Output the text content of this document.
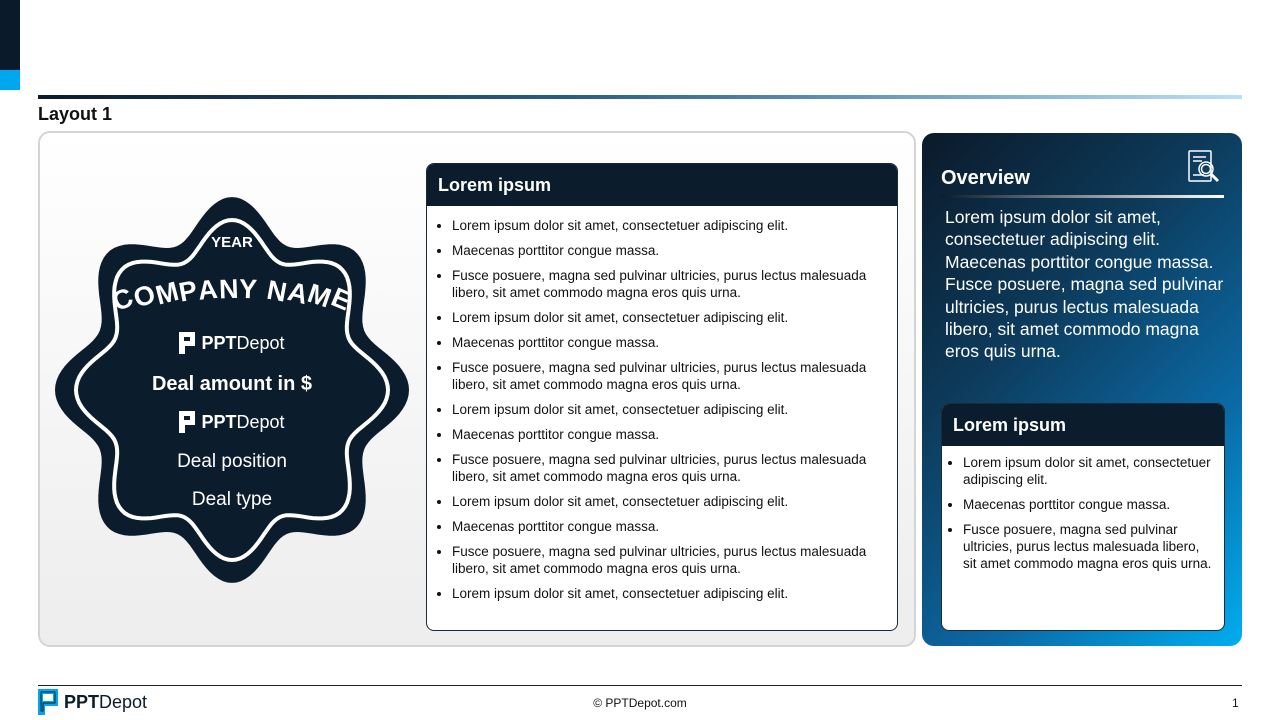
Layout 1
YEAR
COMPANY NAME
PPTDepot
Deal amount in $
PPTDepot
Deal position
Deal type
Lorem ipsum
• Lorem ipsum dolor sit amet, consectetuer adipiscing elit.
• Maecenas porttitor congue massa.
• Fusce posuere, magna sed pulvinar ultricies, purus lectus malesuada libero, sit amet commodo magna eros quis urna.
• Lorem ipsum dolor sit amet, consectetuer adipiscing elit.
• Maecenas porttitor congue massa.
• Fusce posuere, magna sed pulvinar ultricies, purus lectus malesuada libero, sit amet commodo magna eros quis urna.
• Lorem ipsum dolor sit amet, consectetuer adipiscing elit.
• Maecenas porttitor congue massa.
• Fusce posuere, magna sed pulvinar ultricies, purus lectus malesuada libero, sit amet commodo magna eros quis urna.
• Lorem ipsum dolor sit amet, consectetuer adipiscing elit.
• Maecenas porttitor congue massa.
• Fusce posuere, magna sed pulvinar ultricies, purus lectus malesuada libero, sit amet commodo magna eros quis urna.
• Lorem ipsum dolor sit amet, consectetuer adipiscing elit.
Overview
Lorem ipsum dolor sit amet, consectetuer adipiscing elit. Maecenas porttitor congue massa. Fusce posuere, magna sed pulvinar ultricies, purus lectus malesuada libero, sit amet commodo magna eros quis urna.
Lorem ipsum
• Lorem ipsum dolor sit amet, consectetuer adipiscing elit.
• Maecenas porttitor congue massa.
• Fusce posuere, magna sed pulvinar ultricies, purus lectus malesuada libero, sit amet commodo magna eros quis urna.
PPTDepot	© PPTDepot.com	1
